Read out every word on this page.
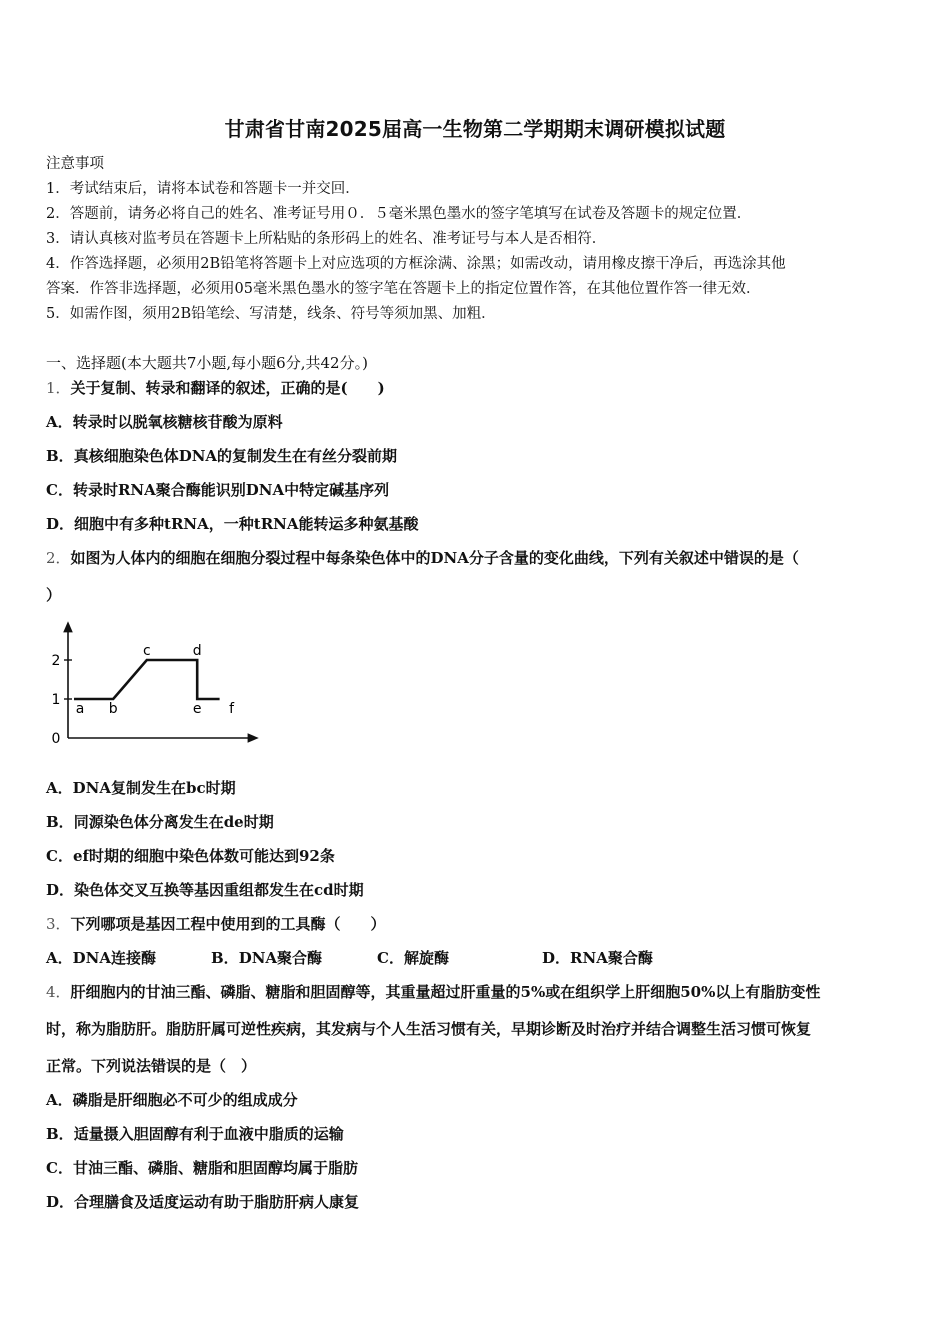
甘肃省甘南2025届高一生物第二学期期末调研模拟试题
注意事项
1．考试结束后，请将本试卷和答题卡一并交回．
2．答题前，请务必将自己的姓名、准考证号用０．５毫米黑色墨水的签字笔填写在试卷及答题卡的规定位置．
3．请认真核对监考员在答题卡上所粘贴的条形码上的姓名、准考证号与本人是否相符．
4．作答选择题，必须用2B铅笔将答题卡上对应选项的方框涂满、涂黑；如需改动，请用橡皮擦干净后，再选涂其他
答案．作答非选择题，必须用05毫米黑色墨水的签字笔在答题卡上的指定位置作答，在其他位置作答一律无效．
5．如需作图，须用2B铅笔绘、写清楚，线条、符号等须加黑、加粗．
一、选择题(本大题共7小题,每小题6分,共42分。)
1．关于复制、转录和翻译的叙述，正确的是(　　)
A．转录时以脱氧核糖核苷酸为原料
B．真核细胞染色体DNA的复制发生在有丝分裂前期
C．转录时RNA聚合酶能识别DNA中特定碱基序列
D．细胞中有多种tRNA，一种tRNA能转运多种氨基酸
2．如图为人体内的细胞在细胞分裂过程中每条染色体中的DNA分子含量的变化曲线，下列有关叙述中错误的是（
）
0
1
2
a b
c	d
e f
A．DNA复制发生在bc时期
B．同源染色体分离发生在de时期
C．ef时期的细胞中染色体数可能达到92条
D．染色体交叉互换等基因重组都发生在cd时期
3．下列哪项是基因工程中使用到的工具酶（　　）
A．DNA连接酶	B．DNA聚合酶	C．解旋酶	D．RNA聚合酶
4．肝细胞内的甘油三酯、磷脂、糖脂和胆固醇等，其重量超过肝重量的5%或在组织学上肝细胞50%以上有脂肪变性
时，称为脂肪肝。脂肪肝属可逆性疾病，其发病与个人生活习惯有关，早期诊断及时治疗并结合调整生活习惯可恢复
正常。下列说法错误的是（　）
A．磷脂是肝细胞必不可少的组成成分
B．适量摄入胆固醇有利于血液中脂质的运输
C．甘油三酯、磷脂、糖脂和胆固醇均属于脂肪
D．合理膳食及适度运动有助于脂肪肝病人康复
